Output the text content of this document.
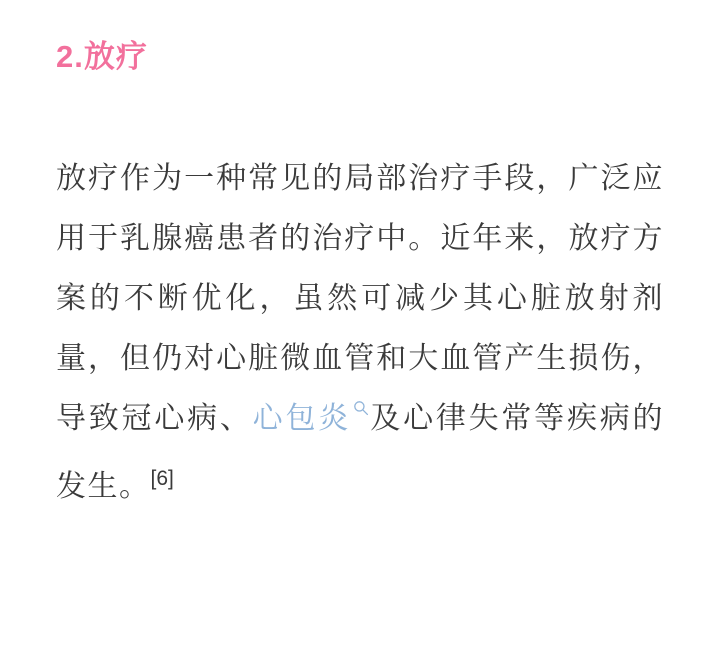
2.放疗

放疗作为一种常见的局部治疗手段，广泛应用于乳腺癌患者的治疗中。近年来，放疗方案的不断优化，虽然可减少其心脏放射剂量，但仍对心脏微血管和大血管产生损伤，导致冠心病、心包炎 及心律失常等疾病的发生。[6]
